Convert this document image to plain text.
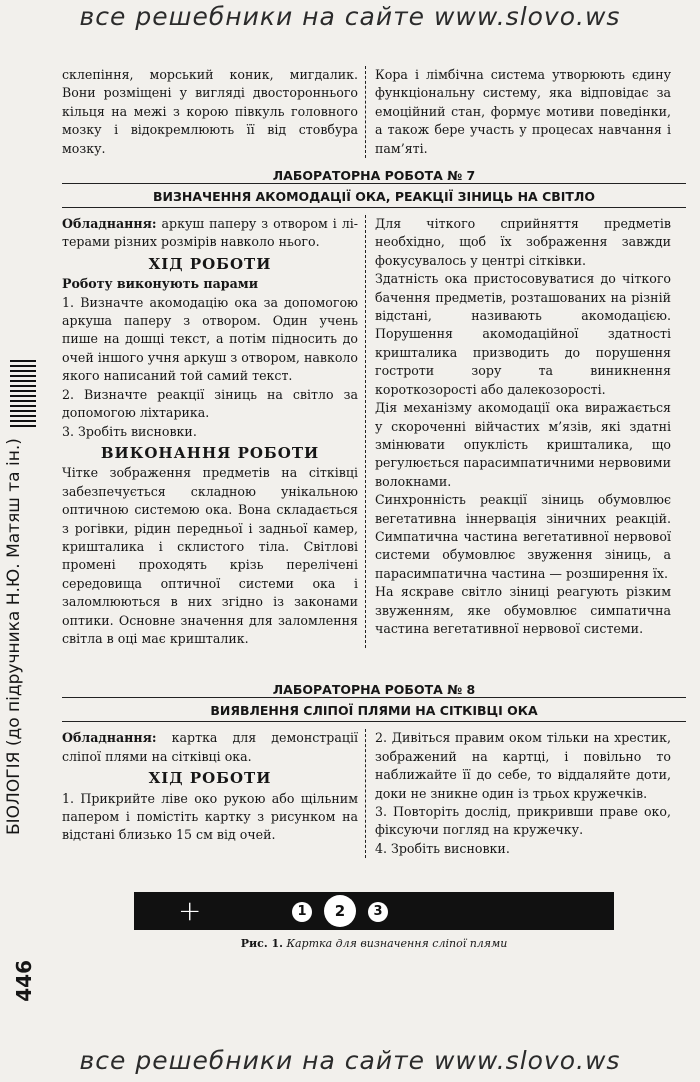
все решебники на сайте www.slovo.ws
БІОЛОГІЯ (до підручника Н.Ю. Матяш та ін.)
446

склепіння, морський коник, мигдалик. Вони розміщені у вигляді двостороннього кільця на межі з корою півкуль головного мозку і відокремлюють її від стовбура мозку.

Кора і лімбічна система утворюють єдину функціональну систему, яка відповідає за емоційний стан, формує мотиви поведінки, а також бере участь у процесах навчання і пам’яті.

ЛАБОРАТОРНА РОБОТА № 7

ВИЗНАЧЕННЯ АКОМОДАЦІЇ ОКА, РЕАКЦІЇ ЗІНИЦЬ НА СВІТЛО

Обладнання: аркуш паперу з отвором і літерами різних розмірів навколо нього.

ХІД РОБОТИ

Роботу виконують парами

1. Визначте акомодацію ока за допомогою аркуша паперу з отвором. Один учень пише на дошці текст, а потім підносить до очей іншого учня аркуш з отвором, навколо якого написаний той самий текст.

2. Визначте реакції зіниць на світло за допомогою ліхтарика.

3. Зробіть висновки.

ВИКОНАННЯ РОБОТИ

Чітке зображення предметів на сітківці забезпечується складною унікальною оптичною системою ока. Вона складається з рогівки, рідин передньої і задньої камер, кришталика і склистого тіла. Світлові промені проходять крізь перелічені середовища оптичної системи ока і заломлюються в них згідно із законами оптики. Основне значення для заломлення світла в оці має кришталик.

Для чіткого сприйняття предметів необхідно, щоб їх зображення завжди фокусувалось у центрі сітківки.

Здатність ока пристосовуватися до чіткого бачення предметів, розташованих на різній відстані, називають акомодацією. Порушення акомодаційної здатності кришталика призводить до порушення гостроти зору та виникнення короткозорості або далекозорості.

Дія механізму акомодації ока виражається у скороченні війчастих м’язів, які здатні змінювати опуклість кришталика, що регулюється парасимпатичними нервовими волокнами.

Синхронність реакції зіниць обумовлює вегетативна іннервація зіничних реакцій. Симпатична частина вегетативної нервової системи обумовлює звуження зіниць, а парасимпатична частина — розширення їх.

На яскраве світло зіниці реагують різким звуженням, яке обумовлює симпатична частина вегетативної нервової системи.

ЛАБОРАТОРНА РОБОТА № 8

ВИЯВЛЕННЯ СЛІПОЇ ПЛЯМИ НА СІТКІВЦІ ОКА

Обладнання: картка для демонстрації сліпої плями на сітківці ока.

ХІД РОБОТИ

1. Прикрийте ліве око рукою або щільним папером і помістіть картку з рисунком на відстані близько 15 см від очей.

2. Дивіться правим оком тільки на хрестик, зображений на картці, і повільно то наближайте її до себе, то віддаляйте доти, доки не зникне один із трьох кружечків.

3. Повторіть дослід, прикривши праве око, фіксуючи погляд на кружечку.

4. Зробіть висновки.

+	1	2	3

Рис. 1. Картка для визначення сліпої плями

все решебники на сайте www.slovo.ws
